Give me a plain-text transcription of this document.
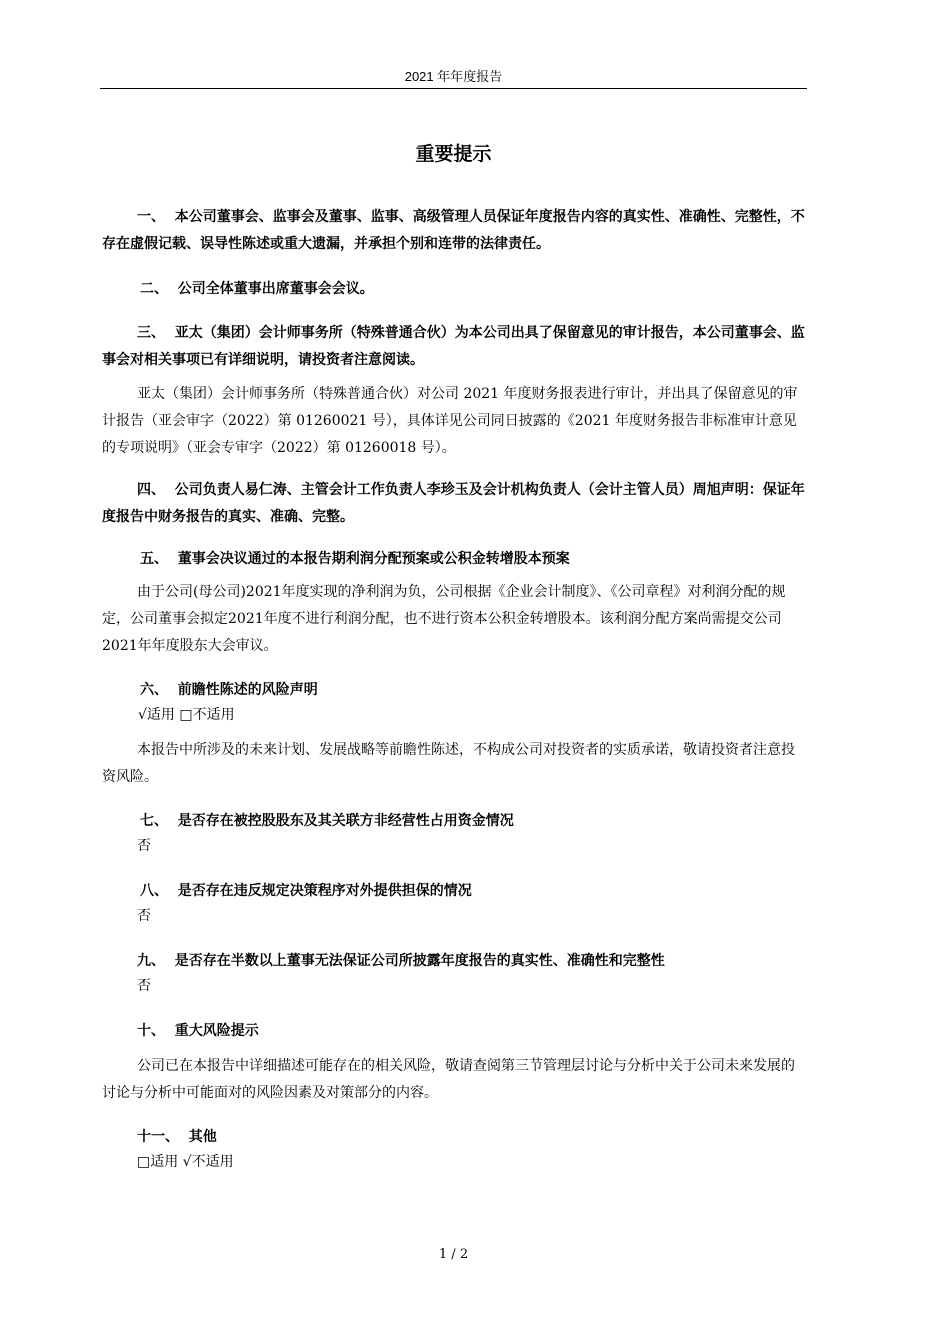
2021 年年度报告
重要提示
一、 本公司董事会、监事会及董事、监事、高级管理人员保证年度报告内容的真实性、准确性、完整性，不存在虚假记载、误导性陈述或重大遗漏，并承担个别和连带的法律责任。
二、 公司全体董事出席董事会会议。
三、 亚太（集团）会计师事务所（特殊普通合伙）为本公司出具了保留意见的审计报告，本公司董事会、监事会对相关事项已有详细说明，请投资者注意阅读。
亚太（集团）会计师事务所（特殊普通合伙）对公司 2021 年度财务报表进行审计，并出具了保留意见的审计报告（亚会审字（2022）第 01260021 号），具体详见公司同日披露的《2021 年度财务报告非标准审计意见的专项说明》（亚会专审字（2022）第 01260018 号）。
四、 公司负责人易仁涛、主管会计工作负责人李珍玉及会计机构负责人（会计主管人员）周旭声明：保证年度报告中财务报告的真实、准确、完整。
五、 董事会决议通过的本报告期利润分配预案或公积金转增股本预案
由于公司(母公司)2021年度实现的净利润为负，公司根据《企业会计制度》、《公司章程》对利润分配的规定，公司董事会拟定2021年度不进行利润分配，也不进行资本公积金转增股本。该利润分配方案尚需提交公司2021年年度股东大会审议。
六、 前瞻性陈述的风险声明
√适用 □不适用
本报告中所涉及的未来计划、发展战略等前瞻性陈述，不构成公司对投资者的实质承诺，敬请投资者注意投资风险。
七、 是否存在被控股股东及其关联方非经营性占用资金情况
否
八、 是否存在违反规定决策程序对外提供担保的情况
否
九、 是否存在半数以上董事无法保证公司所披露年度报告的真实性、准确性和完整性
否
十、 重大风险提示
公司已在本报告中详细描述可能存在的相关风险，敬请查阅第三节管理层讨论与分析中关于公司未来发展的讨论与分析中可能面对的风险因素及对策部分的内容。
十一、 其他
□适用 √不适用
1 / 2
